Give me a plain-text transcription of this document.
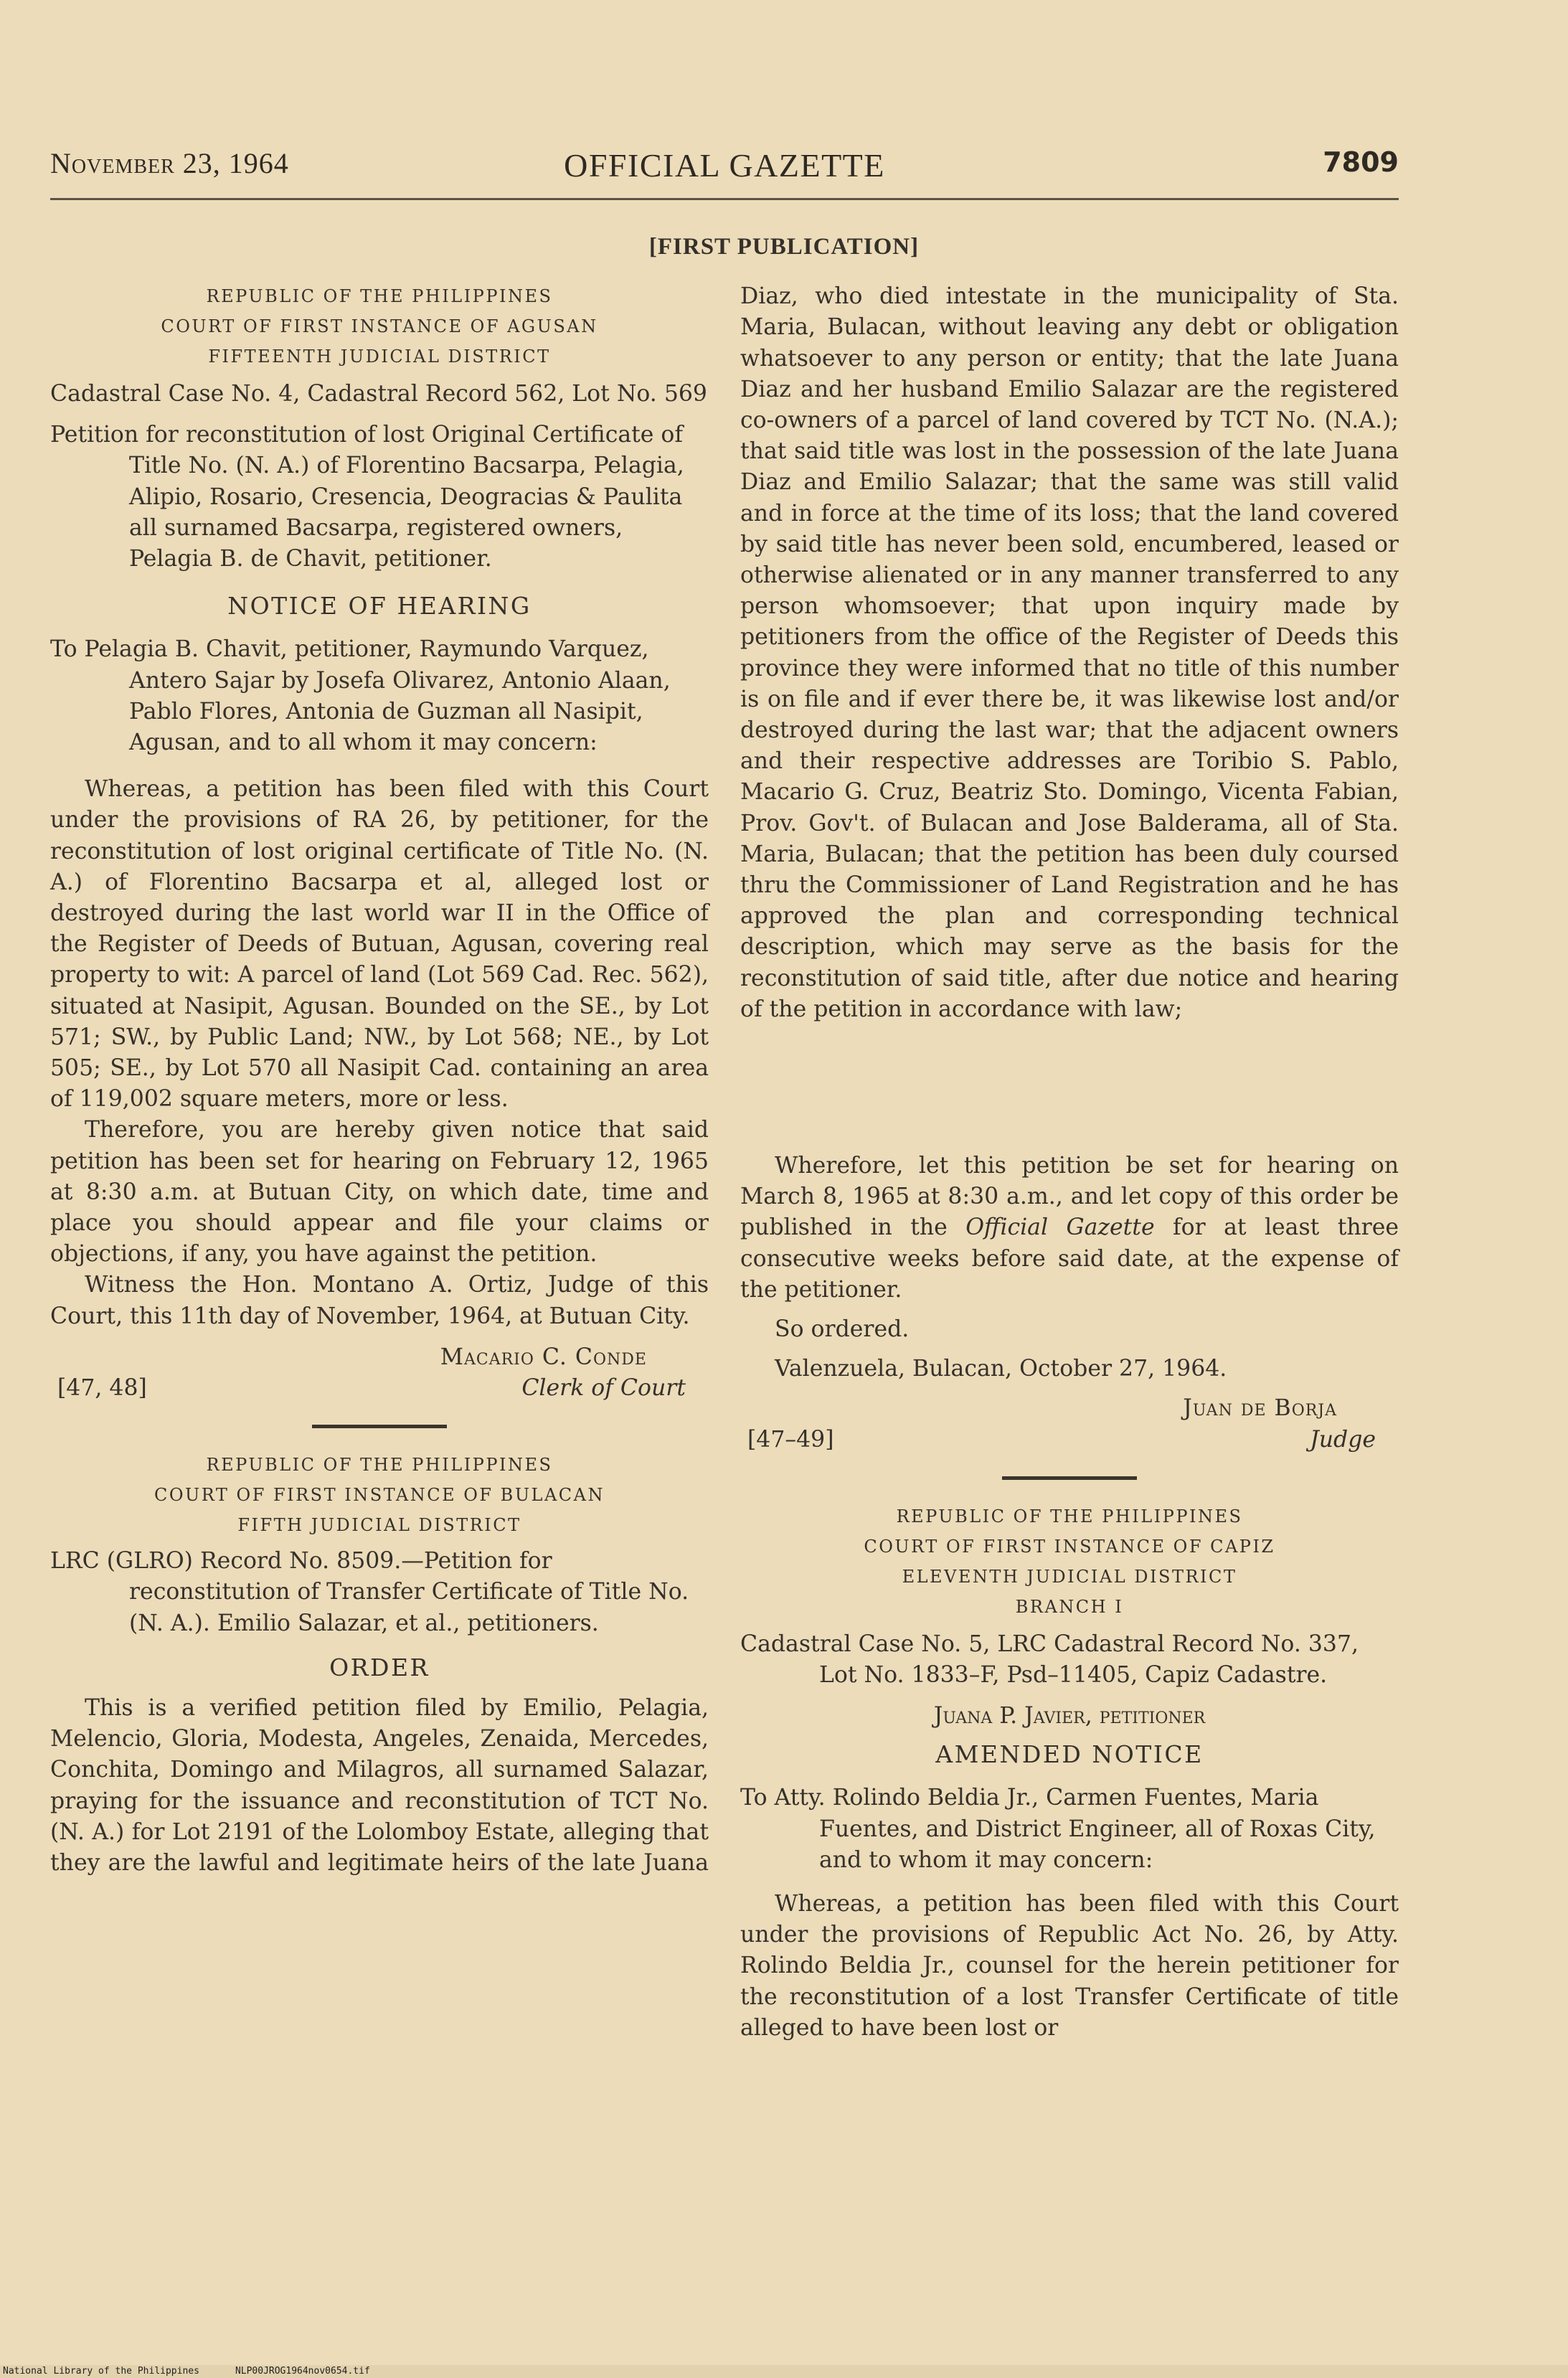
November 23, 1964	OFFICIAL GAZETTE	7809
[FIRST PUBLICATION]

REPUBLIC OF THE PHILIPPINES

COURT OF FIRST INSTANCE OF AGUSAN

FIFTEENTH JUDICIAL DISTRICT

Cadastral Case No. 4, Cadastral Record 562, Lot No. 569

Petition for reconstitution of lost Original Certificate of Title No. (N. A.) of Florentino Bacsarpa, Pelagia, Alipio, Rosario, Cresencia, Deogracias & Paulita all surnamed Bacsarpa, registered owners, Pelagia B. de Chavit, petitioner.

NOTICE OF HEARING

To Pelagia B. Chavit, petitioner, Raymundo Varquez, Antero Sajar by Josefa Olivarez, Antonio Alaan, Pablo Flores, Antonia de Guzman all Nasipit, Agusan, and to all whom it may concern:

Whereas, a petition has been filed with this Court under the provisions of RA 26, by petitioner, for the reconstitution of lost original certificate of Title No. (N. A.) of Florentino Bacsarpa et al, alleged lost or destroyed during the last world war II in the Office of the Register of Deeds of Butuan, Agusan, covering real property to wit: A parcel of land (Lot 569 Cad. Rec. 562), situated at Nasipit, Agusan. Bounded on the SE., by Lot 571; SW., by Public Land; NW., by Lot 568; NE., by Lot 505; SE., by Lot 570 all Nasipit Cad. containing an area of 119,002 square meters, more or less.

Therefore, you are hereby given notice that said petition has been set for hearing on February 12, 1965 at 8:30 a.m. at Butuan City, on which date, time and place you should appear and file your claims or objections, if any, you have against the petition.

Witness the Hon. Montano A. Ortiz, Judge of this Court, this 11th day of November, 1964, at Butuan City.

Macario C. Conde

[47, 48]	Clerk of Court

REPUBLIC OF THE PHILIPPINES

COURT OF FIRST INSTANCE OF BULACAN

FIFTH JUDICIAL DISTRICT

LRC (GLRO) Record No. 8509.—Petition for reconstitution of Transfer Certificate of Title No. (N. A.). Emilio Salazar, et al., petitioners.

ORDER

This is a verified petition filed by Emilio, Pelagia, Melencio, Gloria, Modesta, Angeles, Zenaida, Mercedes, Conchita, Domingo and Milagros, all surnamed Salazar, praying for the issuance and reconstitution of TCT No. (N. A.) for Lot 2191 of the Lolomboy Estate, alleging that they are the lawful and legitimate heirs of the late Juana

Diaz, who died intestate in the municipality of Sta. Maria, Bulacan, without leaving any debt or obligation whatsoever to any person or entity; that the late Juana Diaz and her husband Emilio Salazar are the registered co-owners of a parcel of land covered by TCT No. (N.A.); that said title was lost in the possession of the late Juana Diaz and Emilio Salazar; that the same was still valid and in force at the time of its loss; that the land covered by said title has never been sold, encumbered, leased or otherwise alienated or in any manner transferred to any person whomsoever; that upon inquiry made by petitioners from the office of the Register of Deeds this province they were informed that no title of this number is on file and if ever there be, it was likewise lost and/or destroyed during the last war; that the adjacent owners and their respective addresses are Toribio S. Pablo, Macario G. Cruz, Beatriz Sto. Domingo, Vicenta Fabian, Prov. Gov't. of Bulacan and Jose Balderama, all of Sta. Maria, Bulacan; that the petition has been duly coursed thru the Commissioner of Land Registration and he has approved the plan and corresponding technical description, which may serve as the basis for the reconstitution of said title, after due notice and hearing of the petition in accordance with law;

Wherefore, let this petition be set for hearing on March 8, 1965 at 8:30 a.m., and let copy of this order be published in the Official Gazette for at least three consecutive weeks before said date, at the expense of the petitioner.

So ordered.

Valenzuela, Bulacan, October 27, 1964.

Juan de Borja

[47–49]	Judge

REPUBLIC OF THE PHILIPPINES

COURT OF FIRST INSTANCE OF CAPIZ

ELEVENTH JUDICIAL DISTRICT

BRANCH I

Cadastral Case No. 5, LRC Cadastral Record No. 337, Lot No. 1833–F, Psd–11405, Capiz Cadastre.

Juana P. Javier, petitioner

AMENDED NOTICE

To Atty. Rolindo Beldia Jr., Carmen Fuentes, Maria Fuentes, and District Engineer, all of Roxas City, and to whom it may concern:

Whereas, a petition has been filed with this Court under the provisions of Republic Act No. 26, by Atty. Rolindo Beldia Jr., counsel for the herein petitioner for the reconstitution of a lost Transfer Certificate of title alleged to have been lost or

National Library of the Philippines	NLP00JROG1964nov0654.tif
